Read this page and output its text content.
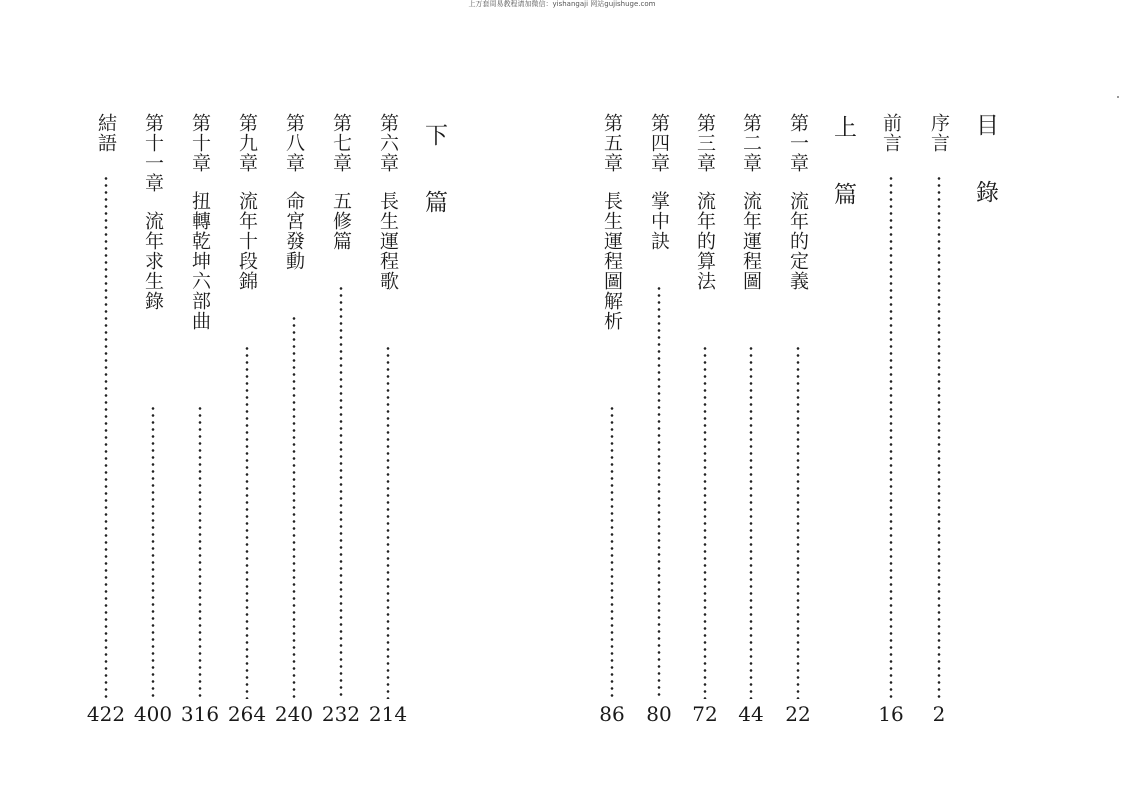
上万套周易教程请加微信：yishangaji 网站gujishuge.com
目錄
序言
2
前言
16
上篇
第一章流年的定義
22
第二章流年運程圖
44
第三章流年的算法
72
第四章掌中訣
80
第五章長生運程圖解析
86
下篇
第六章長生運程歌
214
第七章五修篇
232
第八章命宮發動
240
第九章流年十段錦
264
第十章扭轉乾坤六部曲
316
第十一章流年求生錄
400
結語
422
